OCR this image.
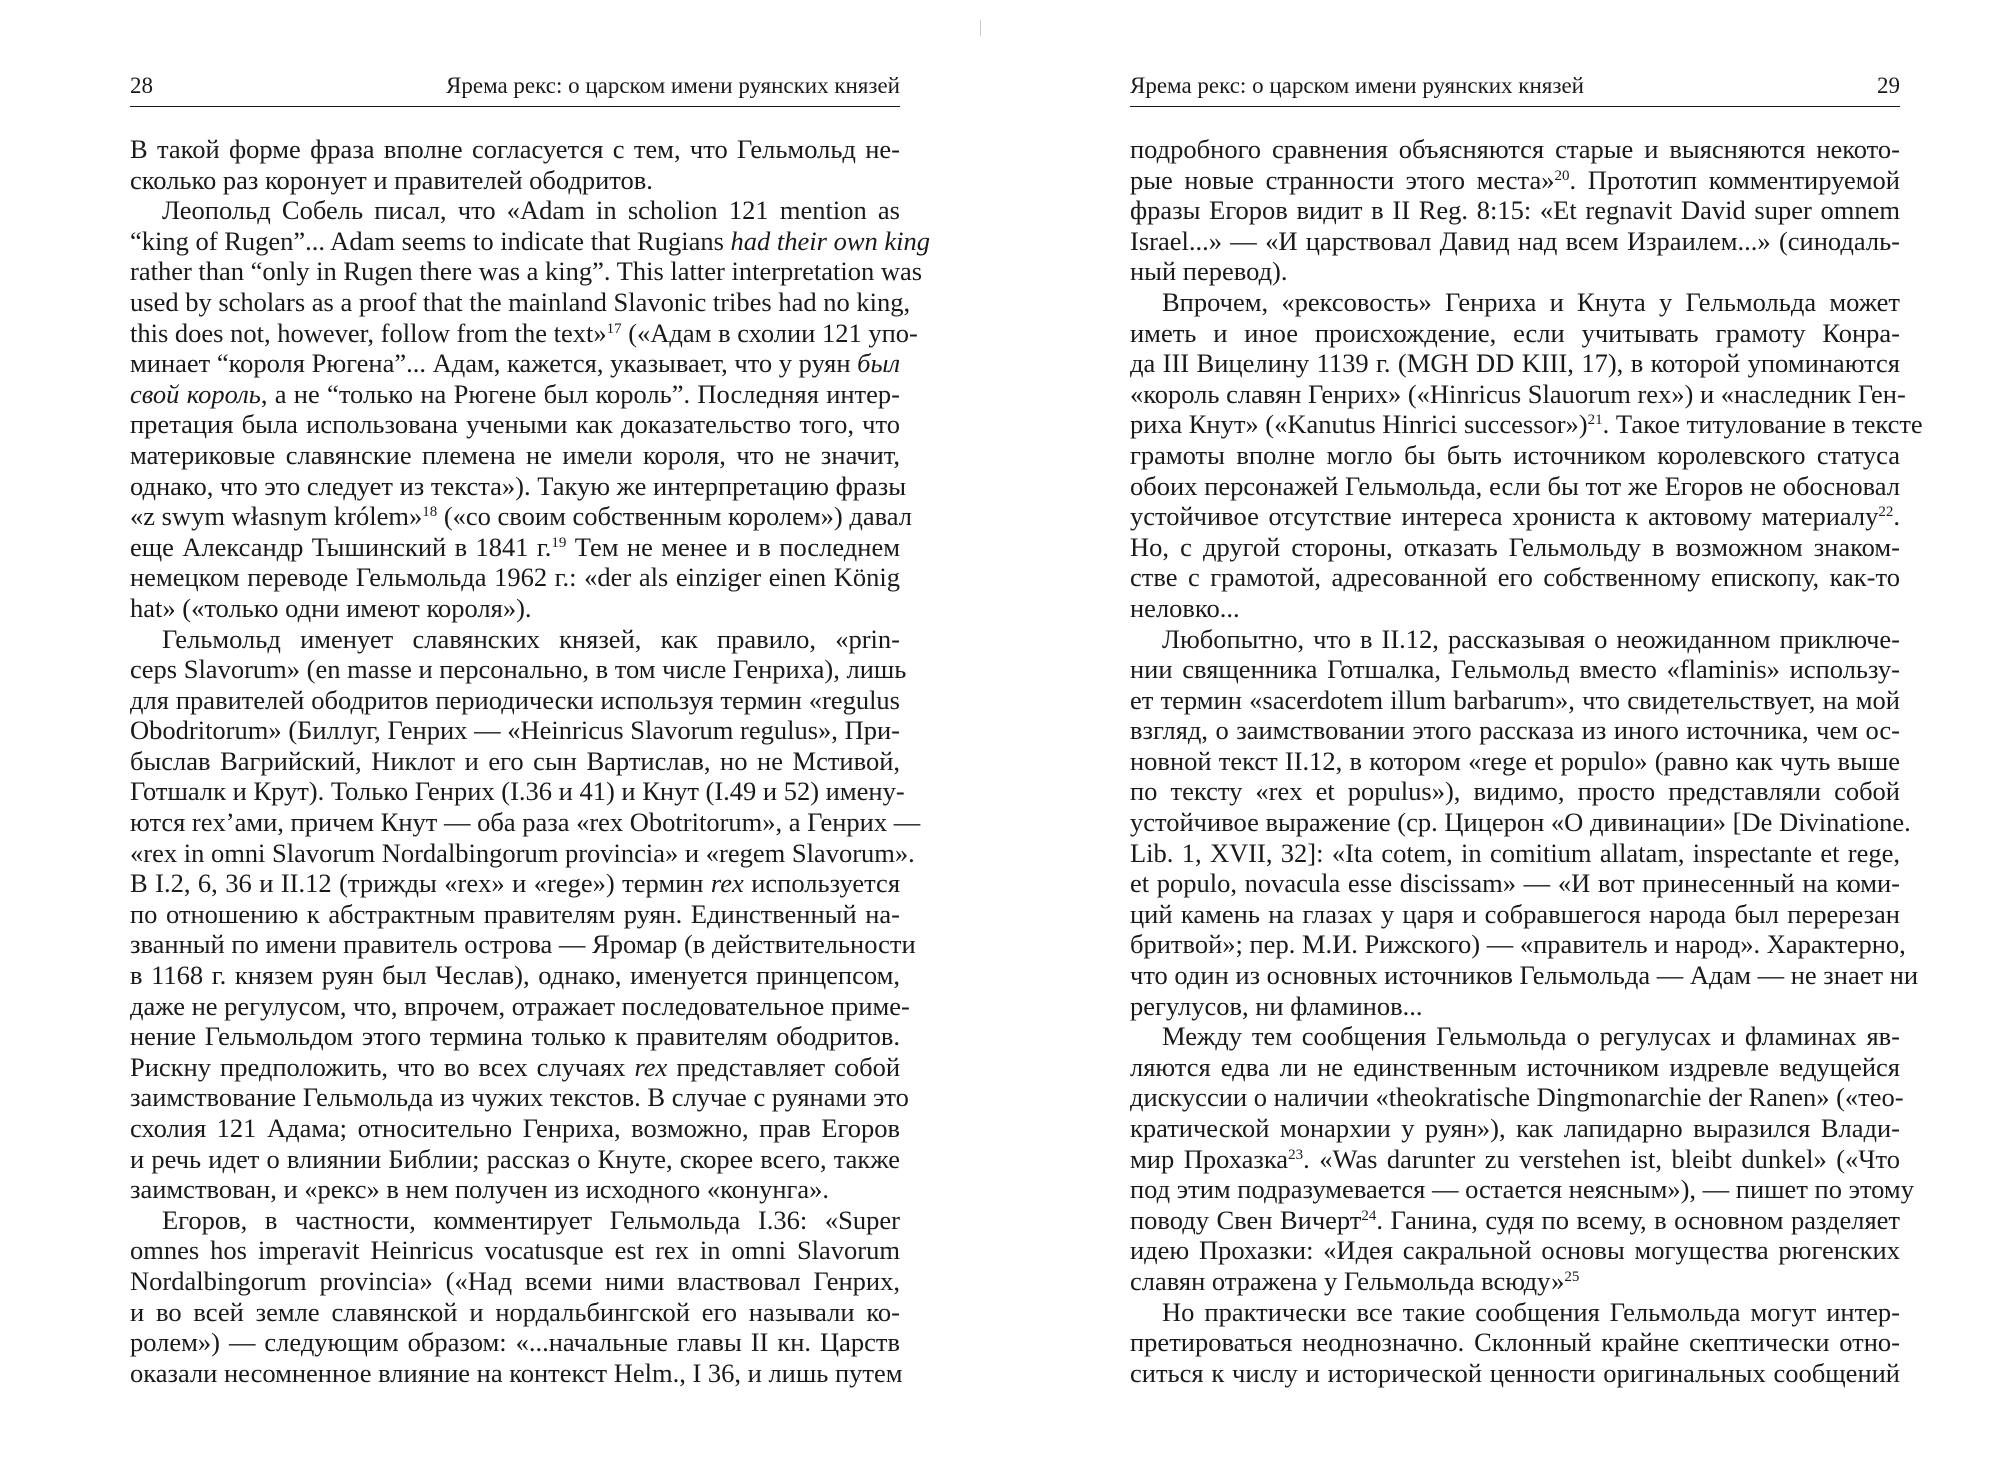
28	Ярема рекс: о царском имени руянских князей
В такой форме фраза вполне согласуется с тем, что Гельмольд не-
сколько раз коронует и правителей ободритов.
Леопольд Собель писал, что «Adam in scholion 121 mention as
“king of Rugen”... Adam seems to indicate that Rugians had their own king
rather than “only in Rugen there was a king”. This latter interpretation was
used by scholars as a proof that the mainland Slavonic tribes had no king,
this does not, however, follow from the text»$^{17}$ («Адам в схолии 121 упо-
минает “короля Рюгена”... Адам, кажется, указывает, что у руян был
свой король, а не “только на Рюгене был король”. Последняя интер-
претация была использована учеными как доказательство того, что
материковые славянские племена не имели короля, что не значит,
однако, что это следует из текста»). Такую же интерпретацию фразы
«z swym własnym królem»$^{18}$ («со своим собственным королем») давал
еще Александр Тышинский в 1841 г.$^{19}$ Тем не менее и в последнем
немецком переводе Гельмольда 1962 г.: «der als einziger einen König
hat» («только одни имеют короля»).
Гельмольд именует славянских князей, как правило, «prin-
ceps Slavorum» (en masse и персонально, в том числе Генриха), лишь
для правителей ободритов периодически используя термин «regulus
Obodritorum» (Биллуг, Генрих — «Heinricus Slavorum regulus», При-
быслав Вагрийский, Никлот и его сын Вартислав, но не Мстивой,
Готшалк и Крут). Только Генрих (I.36 и 41) и Кнут (I.49 и 52) имену-
ются rex’ами, причем Кнут — оба раза «rex Obotritorum», а Генрих —
«rex in omni Slavorum Nordalbingorum provincia» и «regem Slavorum».
В I.2, 6, 36 и II.12 (трижды «rex» и «rege») термин rex используется
по отношению к абстрактным правителям руян. Единственный на-
званный по имени правитель острова — Яромар (в действительности
в 1168 г. князем руян был Чеслав), однако, именуется принцепсом,
даже не регулусом, что, впрочем, отражает последовательное приме-
нение Гельмольдом этого термина только к правителям ободритов.
Рискну предположить, что во всех случаях rex представляет собой
заимствование Гельмольда из чужих текстов. В случае с руянами это
схолия 121 Адама; относительно Генриха, возможно, прав Егоров
и речь идет о влиянии Библии; рассказ о Кнуте, скорее всего, также
заимствован, и «рекс» в нем получен из исходного «конунга».
Егоров, в частности, комментирует Гельмольда I.36: «Super
omnes hos imperavit Heinricus vocatusque est rex in omni Slavorum
Nordalbingorum provincia» («Над всеми ними властвовал Генрих,
и во всей земле славянской и нордальбингской его называли ко-
ролем») — следующим образом: «...начальные главы II кн. Царств
оказали несомненное влияние на контекст Helm., I 36, и лишь путем
Ярема рекс: о царском имени руянских князей	29
подробного сравнения объясняются старые и выясняются некото-
рые новые странности этого места»$^{20}$. Прототип комментируемой
фразы Егоров видит в II Reg. 8:15: «Et regnavit David super omnem
Israel...» — «И царствовал Давид над всем Израилем...» (синодаль-
ный перевод).
Впрочем, «рексовость» Генриха и Кнута у Гельмольда может
иметь и иное происхождение, если учитывать грамоту Конра-
да III Вицелину 1139 г. (MGH DD KIII, 17), в которой упоминаются
«король славян Генрих» («Hinricus Slauorum rex») и «наследник Ген-
риха Кнут» («Kanutus Hinrici successor»)$^{21}$. Такое титулование в тексте
грамоты вполне могло бы быть источником королевского статуса
обоих персонажей Гельмольда, если бы тот же Егоров не обосновал
устойчивое отсутствие интереса хрониста к актовому материалу$^{22}$.
Но, с другой стороны, отказать Гельмольду в возможном знаком-
стве с грамотой, адресованной его собственному епископу, как-то
неловко...
Любопытно, что в II.12, рассказывая о неожиданном приключе-
нии священника Готшалка, Гельмольд вместо «flaminis» использу-
ет термин «sacerdotem illum barbarum», что свидетельствует, на мой
взгляд, о заимствовании этого рассказа из иного источника, чем ос-
новной текст II.12, в котором «rege et populo» (равно как чуть выше
по тексту «rex et populus»), видимо, просто представляли собой
устойчивое выражение (ср. Цицерон «О дивинации» [De Divinatione.
Lib. 1, XVII, 32]: «Ita cotem, in comitium allatam, inspectante et rege,
et populo, novacula esse discissam» — «И вот принесенный на коми-
ций камень на глазах у царя и собравшегося народа был перерезан
бритвой»; пер. М.И. Рижского) — «правитель и народ». Характерно,
что один из основных источников Гельмольда — Адам — не знает ни
регулусов, ни фламинов...
Между тем сообщения Гельмольда о регулусах и фламинах яв-
ляются едва ли не единственным источником издревле ведущейся
дискуссии о наличии «theokratische Dingmonarchie der Ranen» («тео-
кратической монархии у руян»), как лапидарно выразился Влади-
мир Прохазка$^{23}$. «Was darunter zu verstehen ist, bleibt dunkel» («Что
под этим подразумевается — остается неясным»), — пишет по этому
поводу Свен Вичерт$^{24}$. Ганина, судя по всему, в основном разделяет
идею Прохазки: «Идея сакральной основы могущества рюгенских
славян отражена у Гельмольда всюду»$^{25}$
Но практически все такие сообщения Гельмольда могут интер-
претироваться неоднозначно. Склонный крайне скептически отно-
ситься к числу и исторической ценности оригинальных сообщений
